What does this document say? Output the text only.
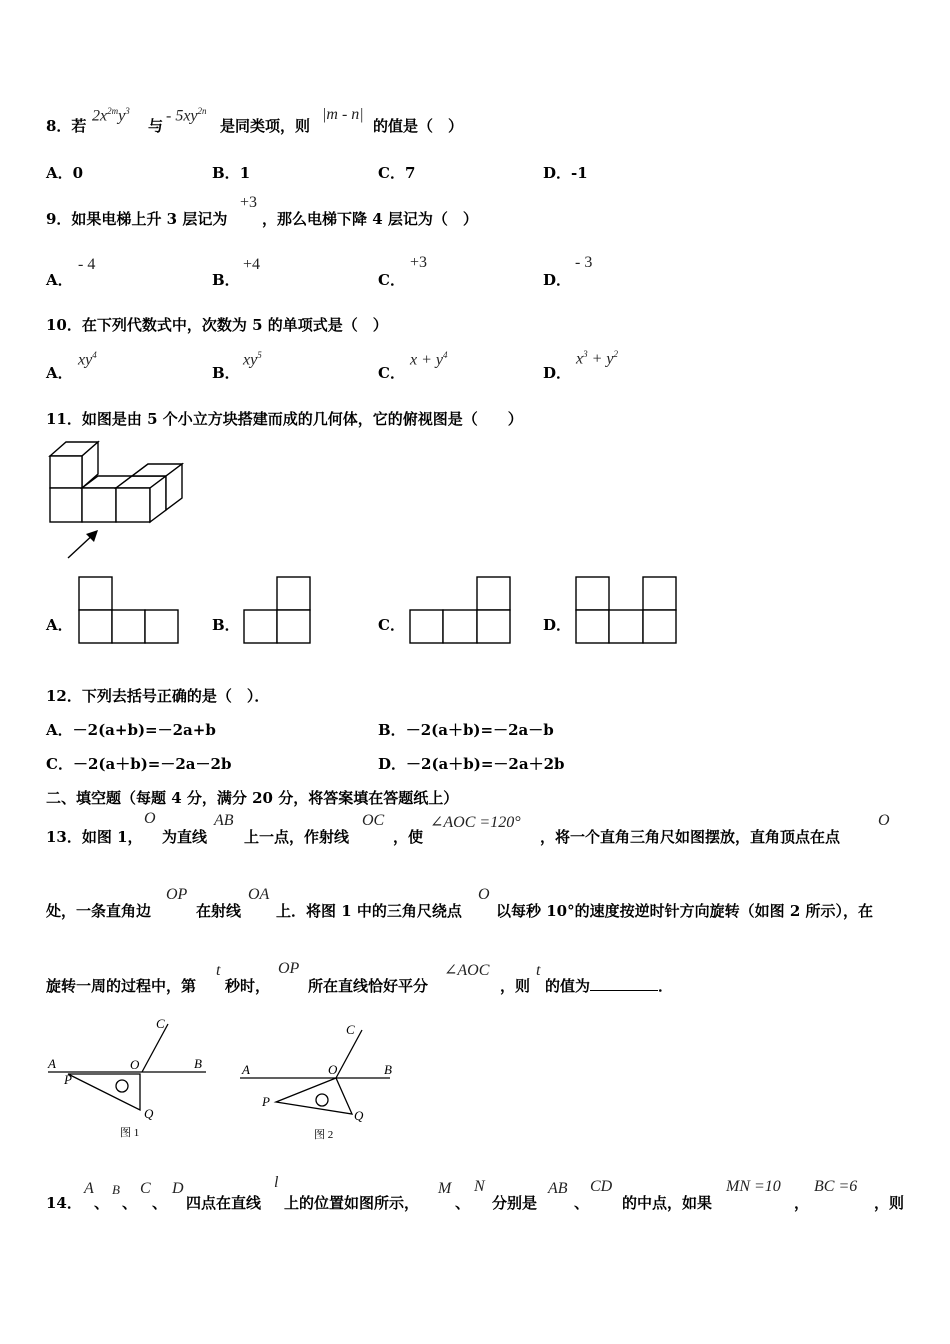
8．若
$2x^{2m}y^3$
与
- $5xy^{2n}$
是同类项，则
|m - n|
的值是（　）
A．0	B．1	C．7	D．-1
9．如果电梯上升 3 层记为
+3
，那么电梯下降 4 层记为（　）
A．
- 4
B．
+4
C．
+3
D．
- 3
10．在下列代数式中，次数为 5 的单项式是（　）
A．
$xy^4$
B．
$xy^5$
C．
$x + y^4$
D．
$x^3 + y^2$
11．如图是由 5 个小立方块搭建而成的几何体，它的俯视图是（　　）
A．	B．	C．	D．
12．下列去括号正确的是（　）．
A．－2(a+b)=－2a+b	B．－2(a＋b)=－2a－b
C．－2(a＋b)=－2a－2b	D．－2(a＋b)=－2a＋2b
二、填空题（每题 4 分，满分 20 分，将答案填在答题纸上）
13．如图 1，
O
为直线
AB
上一点，作射线
OC
，使
∠AOC =120°
，将一个直角三角尺如图摆放，直角顶点在点
O
处，一条直角边
OP
在射线
OA
上．将图 1 中的三角尺绕点
O
以每秒 10°的速度按逆时针方向旋转（如图 2 所示），在
旋转一周的过程中，第
t
秒时，
OP
所在直线恰好平分
∠AOC
，则
t
的值为	．
A	B
C
O
P
Q
图 1
A	B
C
O
P
Q
图 2
14．
A
、
B
、
C
、
D
四点在直线
l
上的位置如图所示，
M
、
N
分别是
AB
、
CD
的中点，如果
MN =10
，
BC =6
，则
